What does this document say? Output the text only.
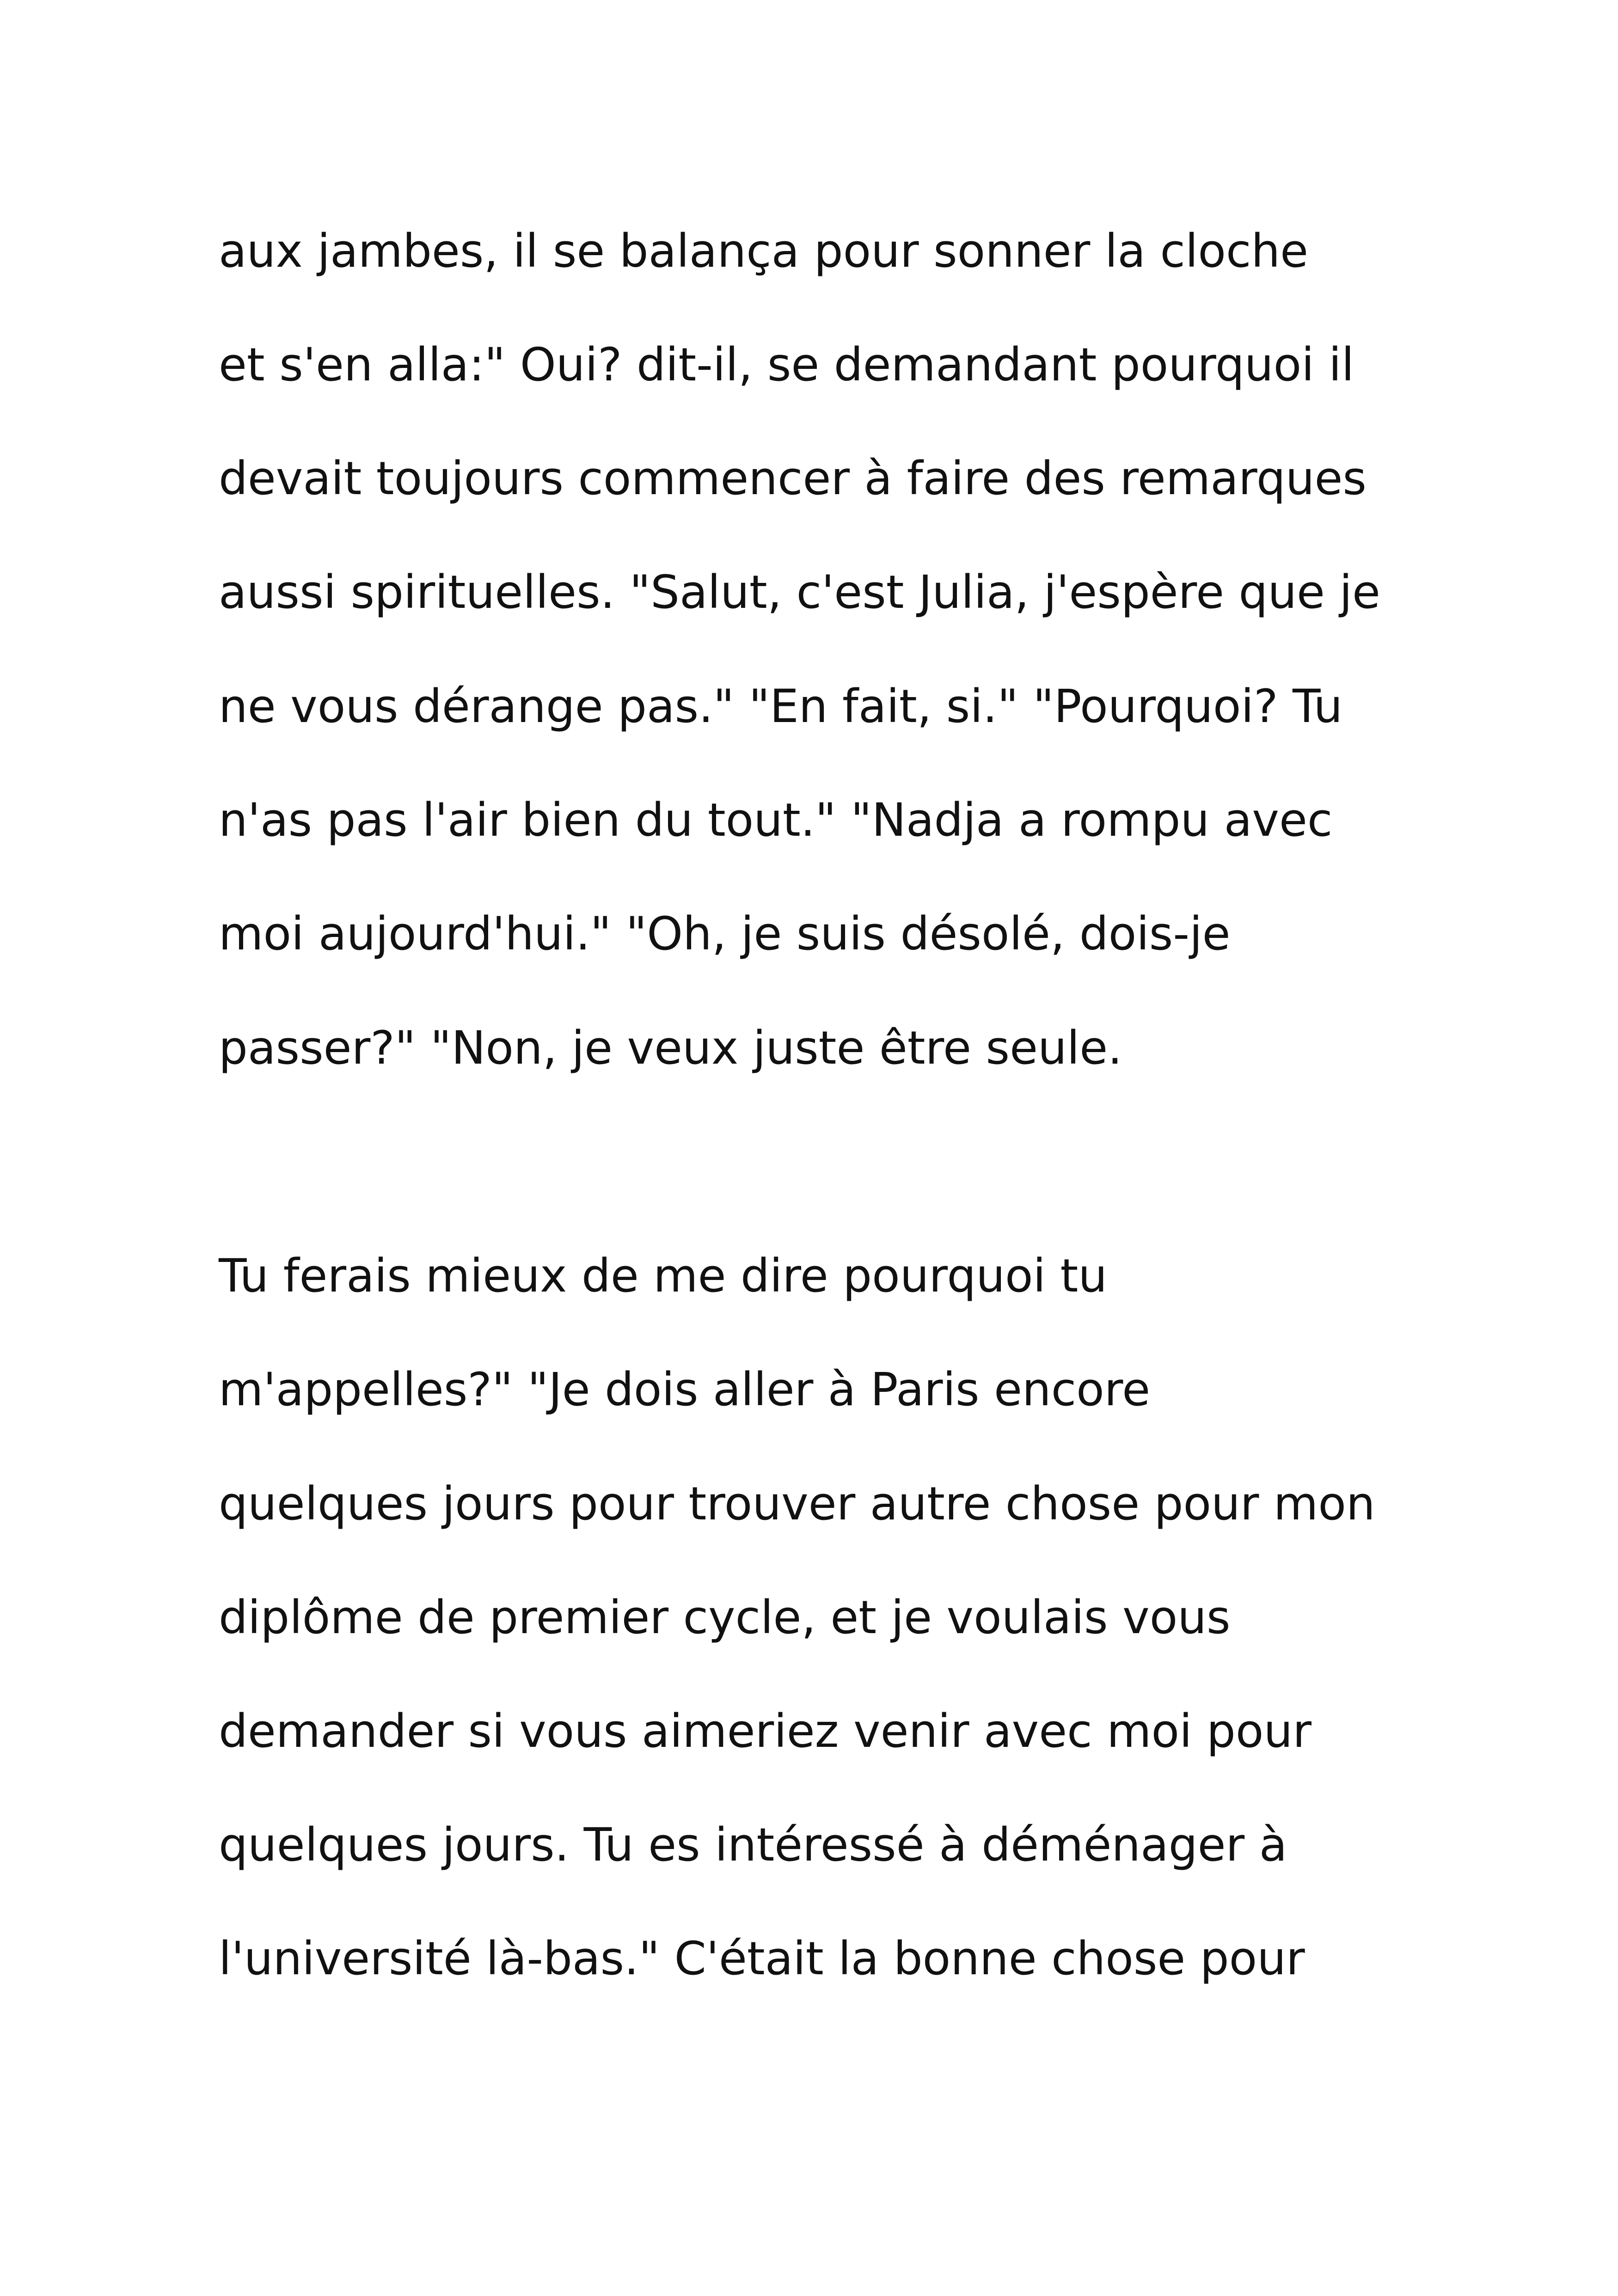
aux jambes, il se balança pour sonner la cloche

et s'en alla:" Oui? dit-il, se demandant pourquoi il

devait toujours commencer à faire des remarques

aussi spirituelles. "Salut, c'est Julia, j'espère que je

ne vous dérange pas." "En fait, si." "Pourquoi? Tu

n'as pas l'air bien du tout." "Nadja a rompu avec

moi aujourd'hui." "Oh, je suis désolé, dois-je

passer?" "Non, je veux juste être seule.

Tu ferais mieux de me dire pourquoi tu

m'appelles?" "Je dois aller à Paris encore

quelques jours pour trouver autre chose pour mon

diplôme de premier cycle, et je voulais vous

demander si vous aimeriez venir avec moi pour

quelques jours. Tu es intéressé à déménager à

l'université là-bas." C'était la bonne chose pour
